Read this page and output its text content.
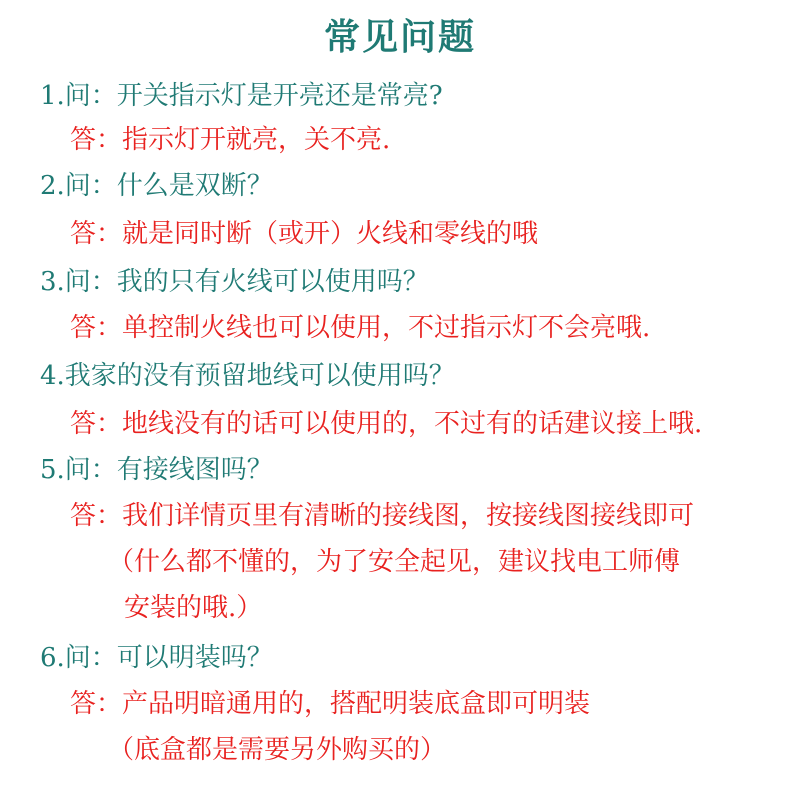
常见问题
1.问：开关指示灯是开亮还是常亮?
答：指示灯开就亮，关不亮.
2.问：什么是双断？
答：就是同时断（或开）火线和零线的哦
3.问：我的只有火线可以使用吗？
答：单控制火线也可以使用，不过指示灯不会亮哦.
4.我家的没有预留地线可以使用吗？
答：地线没有的话可以使用的，不过有的话建议接上哦.
5.问：有接线图吗？
答：我们详情页里有清晰的接线图，按接线图接线即可
（什么都不懂的，为了安全起见，建议找电工师傅
安装的哦.）
6.问：可以明装吗？
答：产品明暗通用的，搭配明装底盒即可明装
（底盒都是需要另外购买的）
